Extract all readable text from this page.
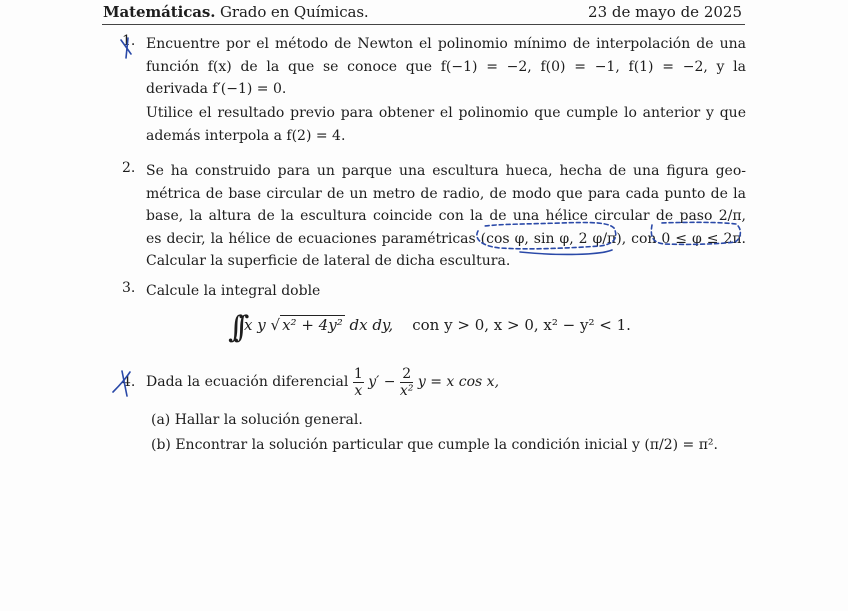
Matemáticas. Grado en Químicas.	23 de mayo de 2025
1. Encuentre por el método de Newton el polinomio mínimo de interpolación de una
función f(x) de la que se conoce que f(−1) = −2, f(0) = −1, f(1) = −2, y la
derivada f′(−1) = 0.
Utilice el resultado previo para obtener el polinomio que cumple lo anterior y que
además interpola a f(2) = 4.
2. Se ha construido para un parque una escultura hueca, hecha de una figura geo-
métrica de base circular de un metro de radio, de modo que para cada punto de la
base, la altura de la escultura coincide con la de una hélice circular de paso 2/π,
es decir, la hélice de ecuaciones paramétricas (cos φ, sin φ, 2 φ/π), con 0 ≤ φ ≤ 2π.
Calcular la superficie de lateral de dicha escultura.
3. Calcule la integral doble
∫∫ x y √ x² + 4y² dx dy, con y > 0, x > 0, x² − y² < 1.
4. Dada la ecuación diferencial $\frac{1}{x} y' - \frac{2}{\text{x²}}$ y = x cos x,
(a) Hallar la solución general.
(b) Encontrar la solución particular que cumple la condición inicial y (π/2) = π².
